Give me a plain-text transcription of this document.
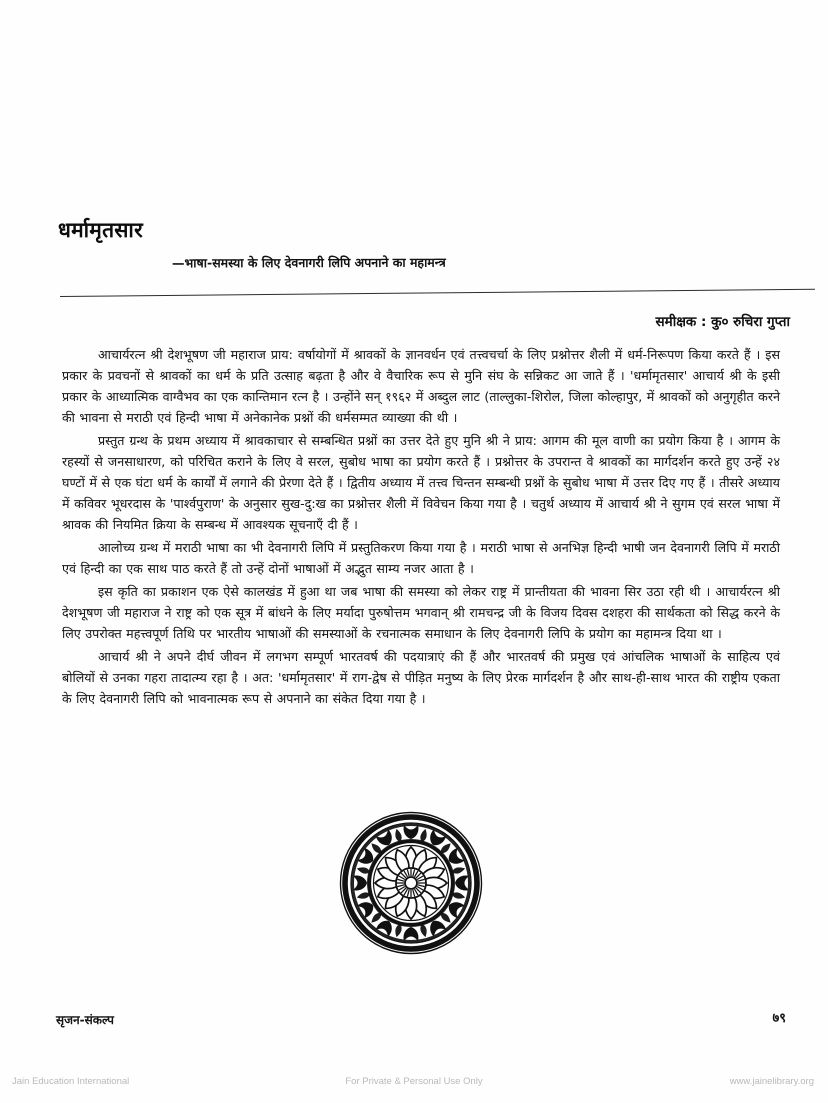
धर्मामृतसार
—भाषा-समस्या के लिए देवनागरी लिपि अपनाने का महामन्त्र
समीक्षक : कु० रुचिरा गुप्ता

आचार्यरत्न श्री देशभूषण जी महाराज प्राय: वर्षायोगों में श्रावकों के ज्ञानवर्धन एवं तत्त्वचर्चा के लिए प्रश्नोत्तर शैली में धर्म-निरूपण किया करते हैं । इस प्रकार के प्रवचनों से श्रावकों का धर्म के प्रति उत्साह बढ़ता है और वे वैचारिक रूप से मुनि संघ के सन्निकट आ जाते हैं । 'धर्मामृतसार' आचार्य श्री के इसी प्रकार के आध्यात्मिक वाग्वैभव का एक कान्तिमान रत्न है । उन्होंने सन् १९६२ में अब्दुल लाट (ताल्लुका-शिरोल, जिला कोल्हापुर, में श्रावकों को अनुगृहीत करने की भावना से मराठी एवं हिन्दी भाषा में अनेकानेक प्रश्नों की धर्मसम्मत व्याख्या की थी ।

प्रस्तुत ग्रन्थ के प्रथम अध्याय में श्रावकाचार से सम्बन्धित प्रश्नों का उत्तर देते हुए मुनि श्री ने प्राय: आगम की मूल वाणी का प्रयोग किया है । आगम के रहस्यों से जनसाधारण, को परिचित कराने के लिए वे सरल, सुबोध भाषा का प्रयोग करते हैं । प्रश्नोत्तर के उपरान्त वे श्रावकों का मार्गदर्शन करते हुए उन्हें २४ घण्टों में से एक घंटा धर्म के कार्यों में लगाने की प्रेरणा देते हैं । द्वितीय अध्याय में तत्त्व चिन्तन सम्बन्धी प्रश्नों के सुबोध भाषा में उत्तर दिए गए हैं । तीसरे अध्याय में कविवर भूधरदास के 'पार्श्वपुराण' के अनुसार सुख-दु:ख का प्रश्नोत्तर शैली में विवेचन किया गया है । चतुर्थ अध्याय में आचार्य श्री ने सुगम एवं सरल भाषा में श्रावक की नियमित क्रिया के सम्बन्ध में आवश्यक सूचनाएँ दी हैं ।

आलोच्य ग्रन्थ में मराठी भाषा का भी देवनागरी लिपि में प्रस्तुतिकरण किया गया है । मराठी भाषा से अनभिज्ञ हिन्दी भाषी जन देवनागरी लिपि में मराठी एवं हिन्दी का एक साथ पाठ करते हैं तो उन्हें दोनों भाषाओं में अद्भुत साम्य नजर आता है ।

इस कृति का प्रकाशन एक ऐसे कालखंड में हुआ था जब भाषा की समस्या को लेकर राष्ट्र में प्रान्तीयता की भावना सिर उठा रही थी । आचार्यरत्न श्री देशभूषण जी महाराज ने राष्ट्र को एक सूत्र में बांधने के लिए मर्यादा पुरुषोत्तम भगवान् श्री रामचन्द्र जी के विजय दिवस दशहरा की सार्थकता को सिद्ध करने के लिए उपरोक्त महत्त्वपूर्ण तिथि पर भारतीय भाषाओं की समस्याओं के रचनात्मक समाधान के लिए देवनागरी लिपि के प्रयोग का महामन्त्र दिया था ।

आचार्य श्री ने अपने दीर्घ जीवन में लगभग सम्पूर्ण भारतवर्ष की पदयात्राएं की हैं और भारतवर्ष की प्रमुख एवं आंचलिक भाषाओं के साहित्य एवं बोलियों से उनका गहरा तादात्म्य रहा है । अत: 'धर्मामृतसार' में राग-द्वेष से पीड़ित मनुष्य के लिए प्रेरक मार्गदर्शन है और साथ-ही-साथ भारत की राष्ट्रीय एकता के लिए देवनागरी लिपि को भावनात्मक रूप से अपनाने का संकेत दिया गया है ।

सृजन-संकल्प	७९
Jain Education International	For Private & Personal Use Only	www.jainelibrary.org
